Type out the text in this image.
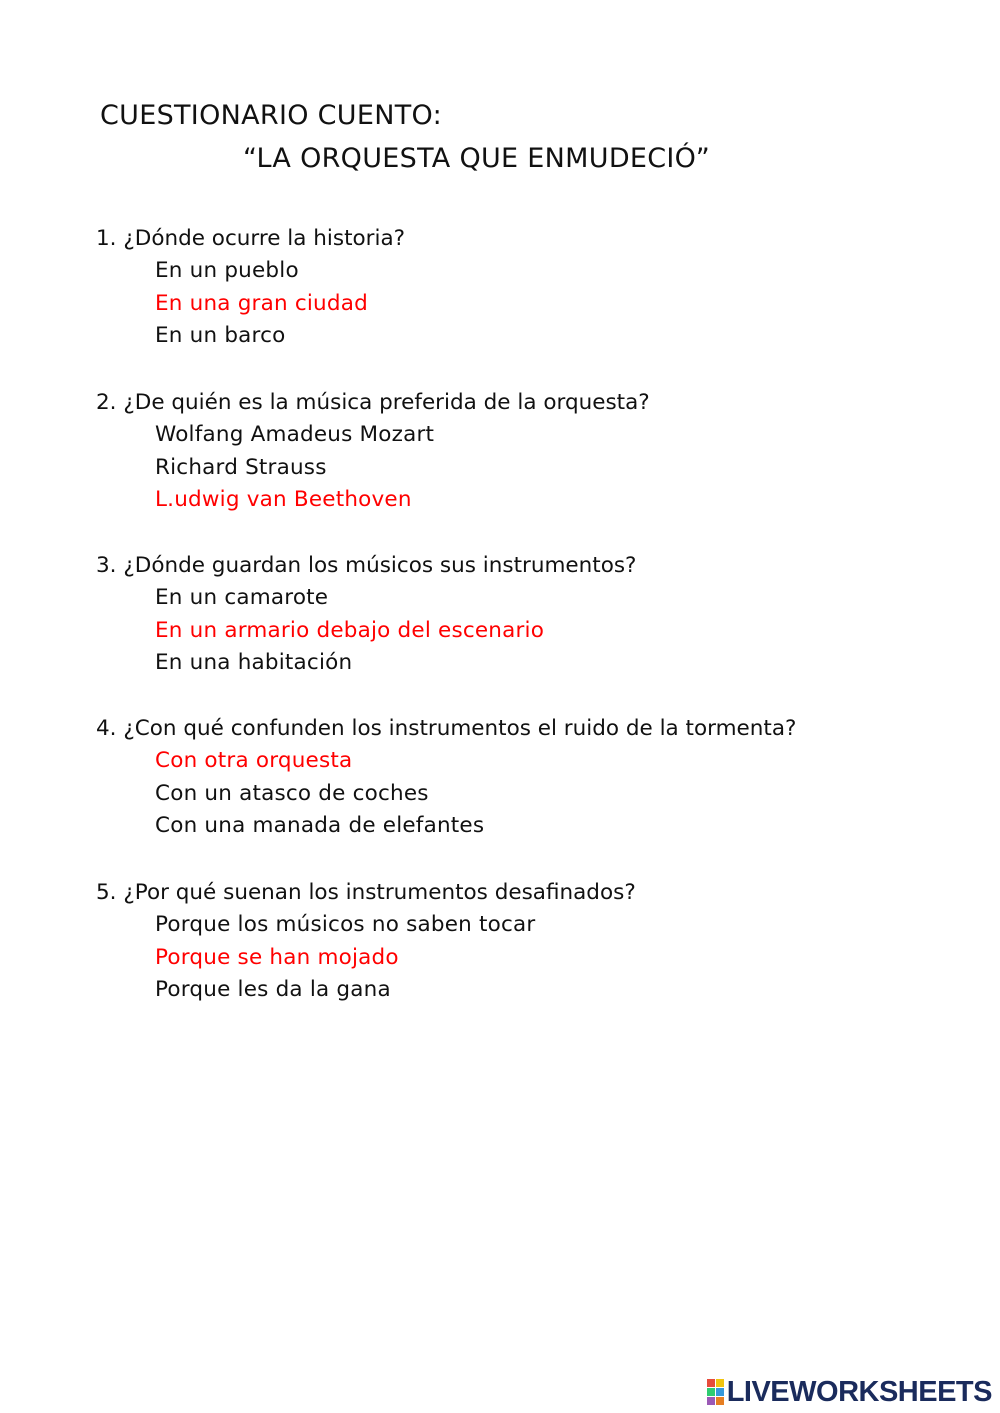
CUESTIONARIO CUENTO:
“LA ORQUESTA QUE ENMUDECIÓ”
1. ¿Dónde ocurre la historia?
En un pueblo
En una gran ciudad
En un barco
2. ¿De quién es la música preferida de la orquesta?
Wolfang Amadeus Mozart
Richard Strauss
L.udwig van Beethoven
3. ¿Dónde guardan los músicos sus instrumentos?
En un camarote
En un armario debajo del escenario
En una habitación
4. ¿Con qué confunden los instrumentos el ruido de la tormenta?
Con otra orquesta
Con un atasco de coches
Con una manada de elefantes
5. ¿Por qué suenan los instrumentos desafinados?
Porque los músicos no saben tocar
Porque se han mojado
Porque les da la gana
LIVEWORKSHEETS
